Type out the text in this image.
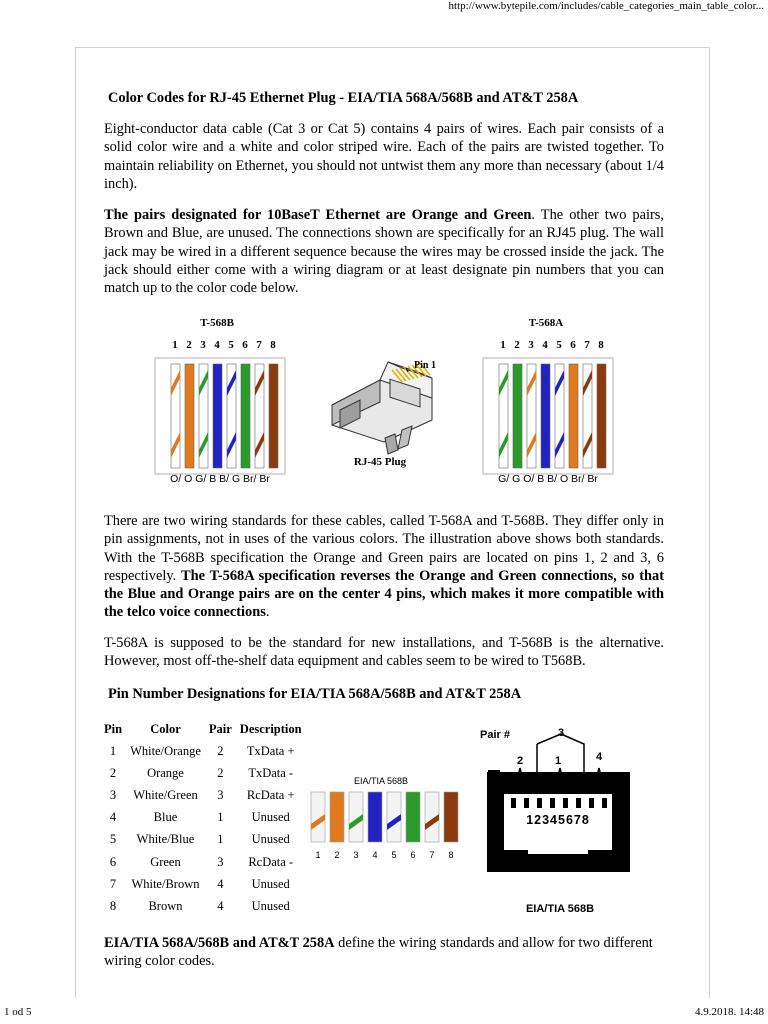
http://www.bytepile.com/includes/cable_categories_main_table_color...
Color Codes for RJ-45 Ethernet Plug - EIA/TIA 568A/568B and AT&T 258A

Eight-conductor data cable (Cat 3 or Cat 5) contains 4 pairs of wires. Each pair consists of a solid color wire and a white and color striped wire. Each of the pairs are twisted together. To maintain reliability on Ethernet, you should not untwist them any more than necessary (about 1/4 inch).

The pairs designated for 10BaseT Ethernet are Orange and Green. The other two pairs, Brown and Blue, are unused. The connections shown are specifically for an RJ45 plug. The wall jack may be wired in a different sequence because the wires may be crossed inside the jack. The jack should either come with a wiring diagram or at least designate pin numbers that you can match up to the color code below.

T-568B	T-568A
1 2 3 4 5 6 7 8	1 2 3 4 5 6 7 8
O/ O G/ B B/ G Br/ Br	G/ G O/ B B/ O Br/ Br
Pin 1
RJ-45 Plug

There are two wiring standards for these cables, called T-568A and T-568B. They differ only in pin assignments, not in uses of the various colors. The illustration above shows both standards. With the T-568B specification the Orange and Green pairs are located on pins 1, 2 and 3, 6 respectively. The T-568A specification reverses the Orange and Green connections, so that the Blue and Orange pairs are on the center 4 pins, which makes it more compatible with the telco voice connections.

T-568A is supposed to be the standard for new installations, and T-568B is the alternative. However, most off-the-shelf data equipment and cables seem to be wired to T568B.

Pin Number Designations for EIA/TIA 568A/568B and AT&T 258A
Pin	Color	Pair	Description
1	White/Orange	2	TxData +
2	Orange	2	TxData -
3	White/Green	3	RcData +
4	Blue	1	Unused
5	White/Blue	1	Unused
6	Green	3	RcData -
7	White/Brown	4	Unused
8	Brown	4	Unused
EIA/TIA 568B
1 2 3 4 5 6 7 8
Pair #	3
2	1	4
12345678
EIA/TIA 568B

EIA/TIA 568A/568B and AT&T 258A define the wiring standards and allow for two different wiring color codes.

1 od 5	4.9.2018. 14:48
